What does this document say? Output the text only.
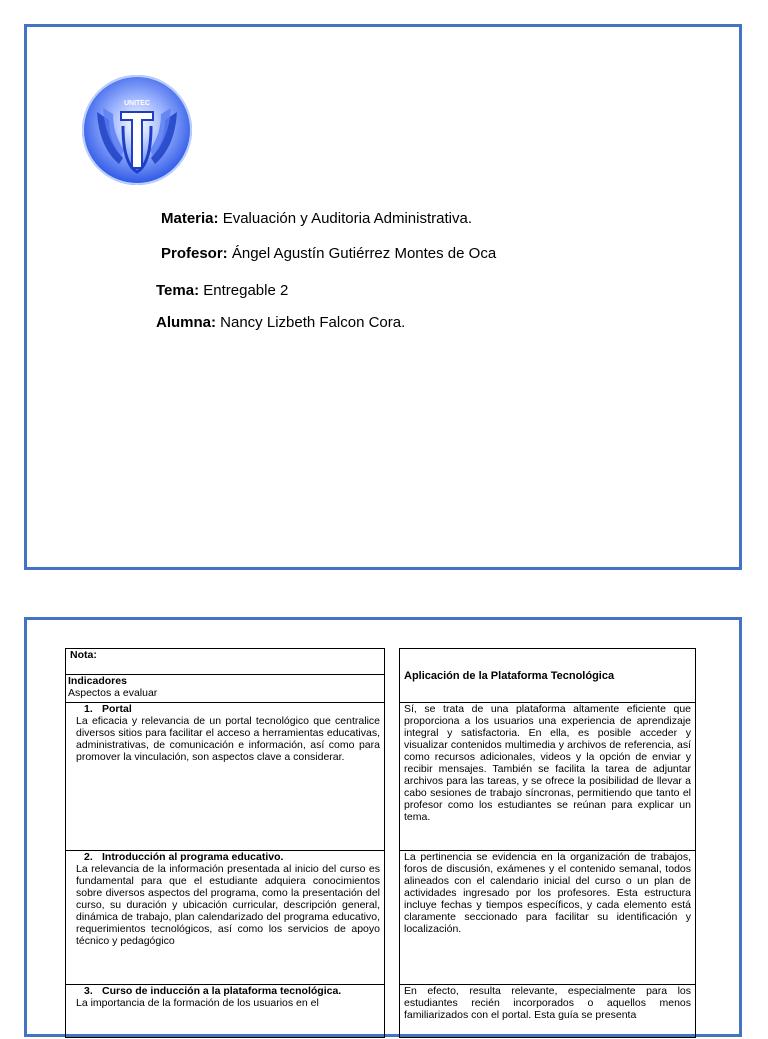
UNITEC
Materia: Evaluación y Auditoria Administrativa.
Profesor: Ángel Agustín Gutiérrez Montes de Oca
Tema: Entregable 2
Alumna: Nancy Lizbeth Falcon Cora.
Nota:
Indicadores
Aspectos a evaluar
1. Portal
La eficacia y relevancia de un portal tecnológico que centralice diversos sitios para facilitar el acceso a herramientas educativas, administrativas, de comunicación e información, así como para promover la vinculación, son aspectos clave a considerar.
2. Introducción al programa educativo.
La relevancia de la información presentada al inicio del curso es fundamental para que el estudiante adquiera conocimientos sobre diversos aspectos del programa, como la presentación del curso, su duración y ubicación curricular, descripción general, dinámica de trabajo, plan calendarizado del programa educativo, requerimientos tecnológicos, así como los servicios de apoyo técnico y pedagógico
3. Curso de inducción a la plataforma tecnológica.
La importancia de la formación de los usuarios en el
Aplicación de la Plataforma Tecnológica
Sí, se trata de una plataforma altamente eficiente que proporciona a los usuarios una experiencia de aprendizaje integral y satisfactoria. En ella, es posible acceder y visualizar contenidos multimedia y archivos de referencia, así como recursos adicionales, videos y la opción de enviar y recibir mensajes. También se facilita la tarea de adjuntar archivos para las tareas, y se ofrece la posibilidad de llevar a cabo sesiones de trabajo síncronas, permitiendo que tanto el profesor como los estudiantes se reúnan para explicar un tema.
La pertinencia se evidencia en la organización de trabajos, foros de discusión, exámenes y el contenido semanal, todos alineados con el calendario inicial del curso o un plan de actividades ingresado por los profesores. Esta estructura incluye fechas y tiempos específicos, y cada elemento está claramente seccionado para facilitar su identificación y localización.
En efecto, resulta relevante, especialmente para los estudiantes recién incorporados o aquellos menos familiarizados con el portal. Esta guía se presenta
